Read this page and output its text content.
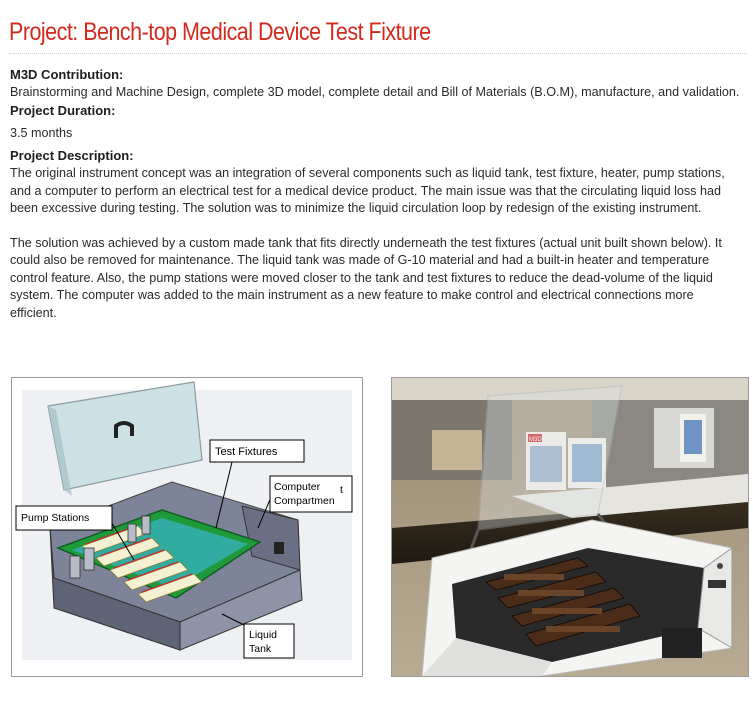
Project: Bench-top Medical Device Test Fixture
M3D Contribution:

Brainstorming and Machine Design, complete 3D model, complete detail and Bill of Materials (B.O.M), manufacture, and validation.

Project Duration:

3.5 months

Project Description:

The original instrument concept was an integration of several components such as liquid tank, test fixture, heater, pump stations, and a computer to perform an electrical test for a medical device product. The main issue was that the circulating liquid loss had been excessive during testing. The solution was to minimize the liquid circulation loop by redesign of the existing instrument.

The solution was achieved by a custom made tank that fits directly underneath the test fixtures (actual unit built shown below). It could also be removed for maintenance. The liquid tank was made of G-10 material and had a built-in heater and temperature control feature. Also, the pump stations were moved closer to the tank and test fixtures to reduce the dead-volume of the liquid system. The computer was added to the main instrument as a new feature to make control and electrical connections more efficient.

Test Fixtures
Computer
Compartmen
t
Pump Stations
Liquid
Tank
M3D
